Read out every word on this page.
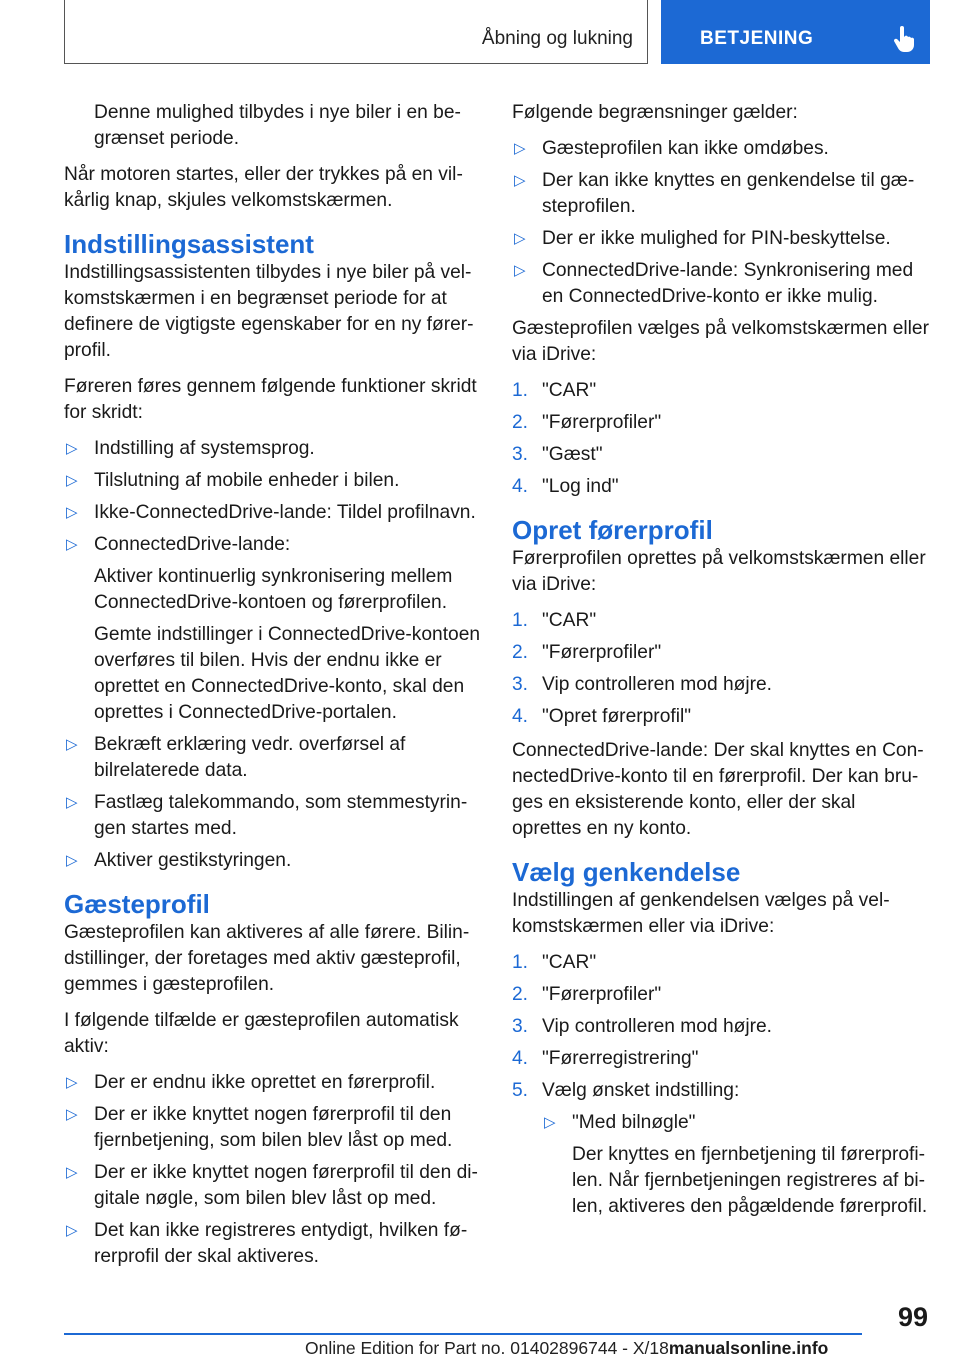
Åbning og lukning	BETJENING

Denne mulighed tilbydes i nye biler i en begrænset periode.

Når motoren startes, eller der trykkes på en vilkårlig knap, skjules velkomstskærmen.

Indstillingsassistent

Indstillingsassistenten tilbydes i nye biler på velkomstskærmen i en begrænset periode for at definere de vigtigste egenskaber for en ny førerprofil.

Føreren føres gennem følgende funktioner skridt for skridt:

▷ Indstilling af systemsprog.
▷ Tilslutning af mobile enheder i bilen.
▷ Ikke-ConnectedDrive-lande: Tildel profilnavn.
▷ ConnectedDrive-lande:

Aktiver kontinuerlig synkronisering mellem ConnectedDrive-kontoen og førerprofilen.

Gemte indstillinger i ConnectedDrive-kontoen overføres til bilen. Hvis der endnu ikke er oprettet en ConnectedDrive-konto, skal den oprettes i ConnectedDrive-portalen.

▷ Bekræft erklæring vedr. overførsel af bilrelaterede data.
▷ Fastlæg talekommando, som stemmestyringen startes med.
▷ Aktiver gestikstyringen.
Gæsteprofil

Gæsteprofilen kan aktiveres af alle førere. Bilindstillinger, der foretages med aktiv gæsteprofil, gemmes i gæsteprofilen.

I følgende tilfælde er gæsteprofilen automatisk aktiv:

▷ Der er endnu ikke oprettet en førerprofil.
▷ Der er ikke knyttet nogen førerprofil til den fjernbetjening, som bilen blev låst op med.
▷ Der er ikke knyttet nogen førerprofil til den digitale nøgle, som bilen blev låst op med.
▷ Det kan ikke registreres entydigt, hvilken førerprofil der skal aktiveres.

Følgende begrænsninger gælder:

▷ Gæsteprofilen kan ikke omdøbes.
▷ Der kan ikke knyttes en genkendelse til gæsteprofilen.
▷ Der er ikke mulighed for PIN-beskyttelse.
▷ ConnectedDrive-lande: Synkronisering med en ConnectedDrive-konto er ikke mulig.

Gæsteprofilen vælges på velkomstskærmen eller via iDrive:

1. "CAR"
2. "Førerprofiler"
3. "Gæst"
4. "Log ind"
Opret førerprofil

Førerprofilen oprettes på velkomstskærmen eller via iDrive:

1. "CAR"
2. "Førerprofiler"
3. Vip controlleren mod højre.
4. "Opret førerprofil"

ConnectedDrive-lande: Der skal knyttes en ConnectedDrive-konto til en førerprofil. Der kan bruges en eksisterende konto, eller der skal oprettes en ny konto.

Vælg genkendelse

Indstillingen af genkendelsen vælges på velkomstskærmen eller via iDrive:

1. "CAR"
2. "Førerprofiler"
3. Vip controlleren mod højre.
4. "Førerregistrering"
5. Vælg ønsket indstilling:
▷ "Med bilnøgle"

Der knyttes en fjernbetjening til førerprofilen. Når fjernbetjeningen registreres af bilen, aktiveres den pågældende førerprofil.

99
Online Edition for Part no. 01402896744 - X/18manualsonline.info
